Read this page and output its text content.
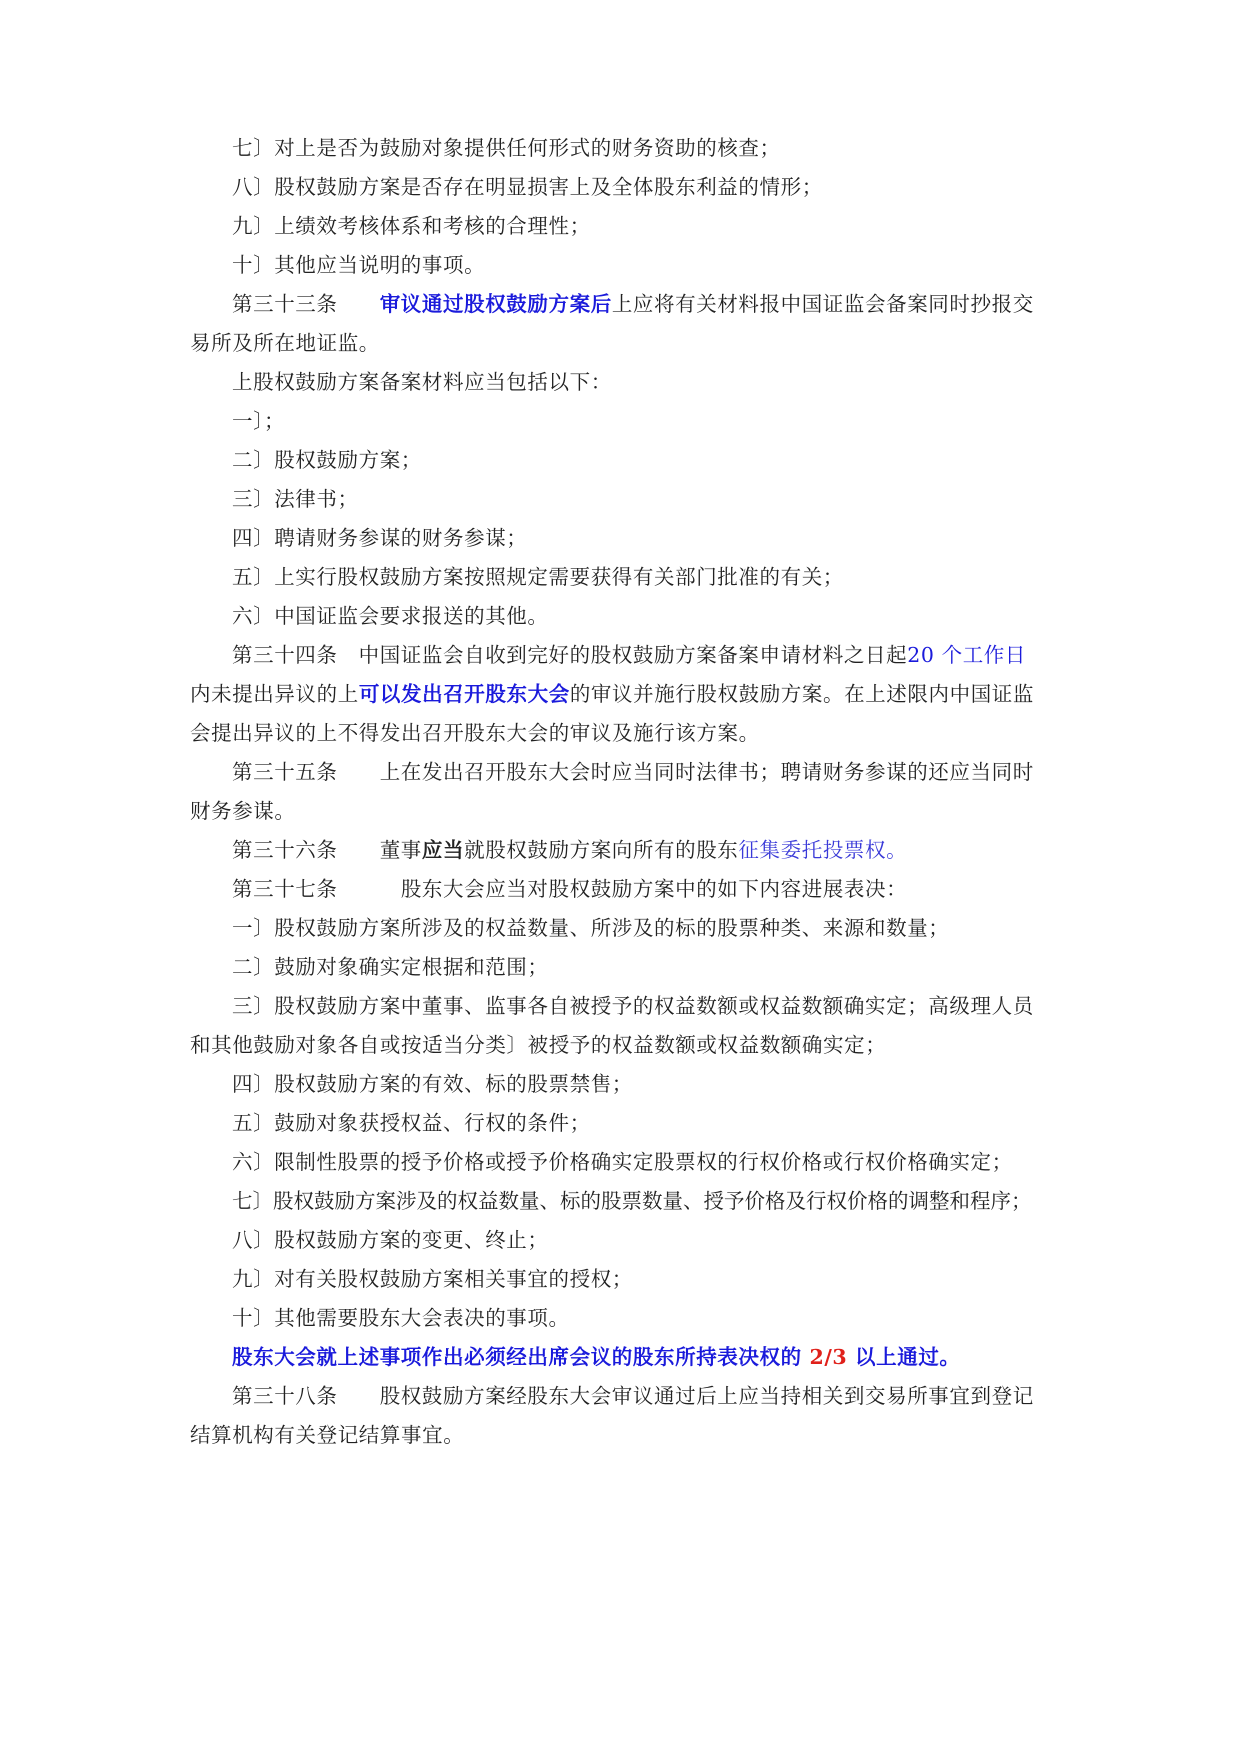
七〕对上是否为鼓励对象提供任何形式的财务资助的核查；
八〕股权鼓励方案是否存在明显损害上及全体股东利益的情形；
九〕上绩效考核体系和考核的合理性；
十〕其他应当说明的事项。
第三十三条　　 审议通过股权鼓励方案后上应将有关材料报中国证监会备案同时抄报交
易所及所在地证监。
上股权鼓励方案备案材料应当包括以下：
一〕；
二〕股权鼓励方案；
三〕法律书；
四〕聘请财务参谋的财务参谋；
五〕上实行股权鼓励方案按照规定需要获得有关部门批准的有关；
六〕中国证监会要求报送的其他。
第三十四条　中国证监会自收到完好的股权鼓励方案备案申请材料之日起20 个工作日
内未提出异议的上可以发出召开股东大会的审议并施行股权鼓励方案。在上述限内中国证监
会提出异议的上不得发出召开股东大会的审议及施行该方案。
第三十五条　　 上在发出召开股东大会时应当同时法律书；聘请财务参谋的还应当同时
财务参谋。
第三十六条　　 董事应当就股权鼓励方案向所有的股东征集委托投票权。
第三十七条　　　	股东大会应当对股权鼓励方案中的如下内容进展表决：
一〕股权鼓励方案所涉及的权益数量、所涉及的标的股票种类、来源和数量；
二〕鼓励对象确实定根据和范围；
三〕股权鼓励方案中董事、监事各自被授予的权益数额或权益数额确实定；高级理人员
和其他鼓励对象各自或按适当分类〕被授予的权益数额或权益数额确实定；
四〕股权鼓励方案的有效、标的股票禁售；
五〕鼓励对象获授权益、行权的条件；
六〕限制性股票的授予价格或授予价格确实定股票权的行权价格或行权价格确实定；
七〕股权鼓励方案涉及的权益数量、标的股票数量、授予价格及行权价格的调整和程序；
八〕股权鼓励方案的变更、终止；
九〕对有关股权鼓励方案相关事宜的授权；
十〕其他需要股东大会表决的事项。
股东大会就上述事项作出必须经出席会议的股东所持表决权的 2/3 以上通过。
第三十八条　　 股权鼓励方案经股东大会审议通过后上应当持相关到交易所事宜到登记
结算机构有关登记结算事宜。
